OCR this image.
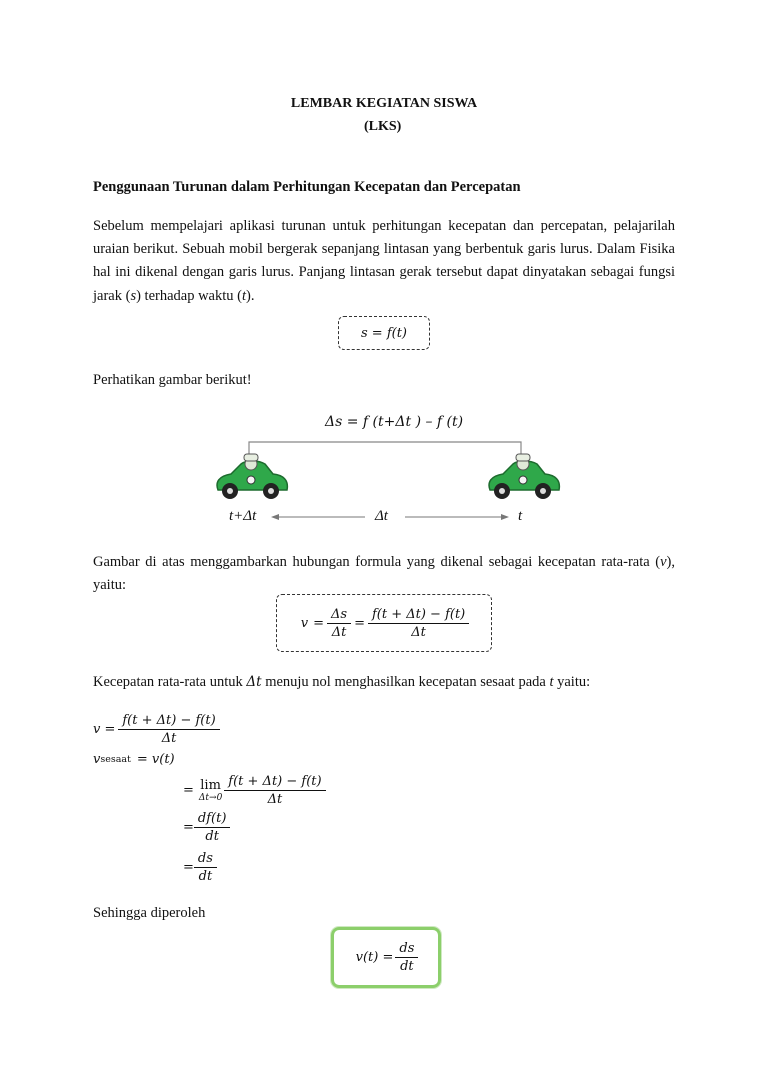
LEMBAR KEGIATAN SISWA
(LKS)
Penggunaan Turunan dalam Perhitungan Kecepatan dan Percepatan
Sebelum mempelajari aplikasi turunan untuk perhitungan kecepatan dan percepatan, pelajarilah uraian berikut. Sebuah mobil bergerak sepanjang lintasan yang berbentuk garis lurus. Dalam Fisika hal ini dikenal dengan garis lurus. Panjang lintasan gerak tersebut dapat dinyatakan sebagai fungsi jarak (s) terhadap waktu (t).
s = f(t)
Perhatikan gambar berikut!
Δs = f (t+Δt ) – f (t)
t+Δt	Δt	t
Gambar di atas menggambarkan hubungan formula yang dikenal sebagai kecepatan rata-rata (v), yaitu:
$v = \frac{\Delta s}{\Delta t} = \frac{f(t + \Delta t) - f(t)}{\Delta t}$
Kecepatan rata-rata untuk Δt menuju nol menghasilkan kecepatan sesaat pada t yaitu:
$v = \frac{f(t + \Delta t) - f(t)}{\Delta t}$
v sesaat = v(t)
= lim
$\Delta t\to 0 \frac{f(t + \Delta t) - f(t)}{\Delta t}$
= $\frac{df(t)}{dt}$
= $\frac{ds}{dt}$
Sehingga diperoleh
$v(t) = \frac{ds}{dt}$
